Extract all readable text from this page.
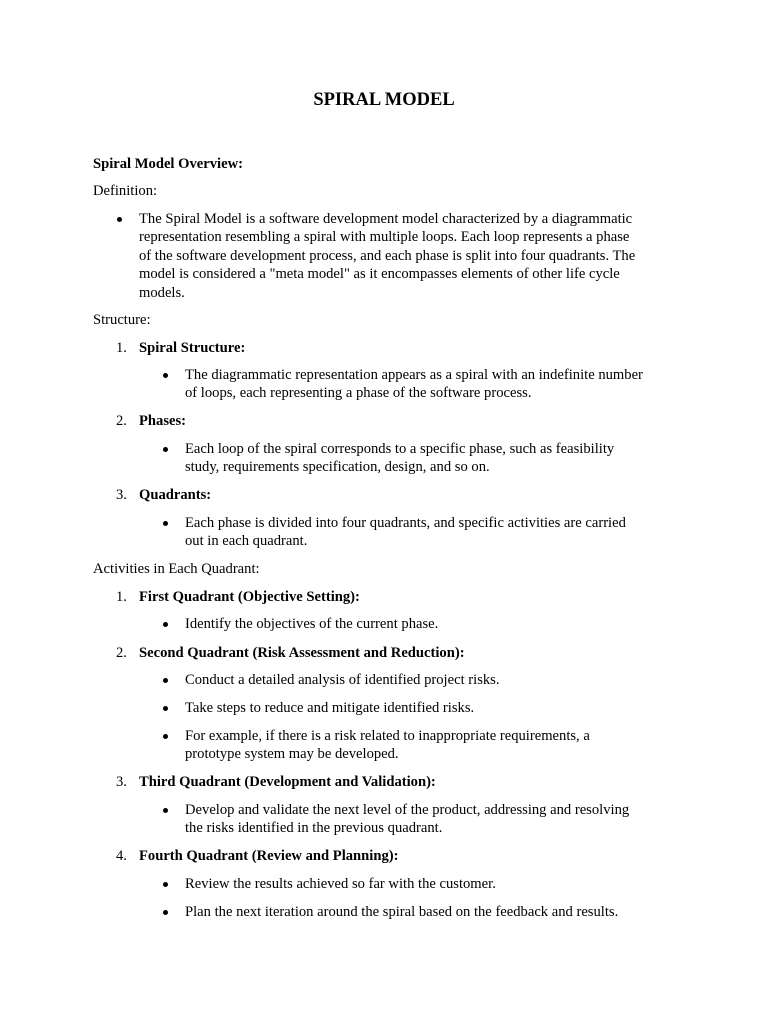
SPIRAL MODEL
Spiral Model Overview:
Definition:
The Spiral Model is a software development model characterized by a diagrammatic
representation resembling a spiral with multiple loops. Each loop represents a phase
of the software development process, and each phase is split into four quadrants. The
model is considered a "meta model" as it encompasses elements of other life cycle
models.
Structure:
1. Spiral Structure:
The diagrammatic representation appears as a spiral with an indefinite number
of loops, each representing a phase of the software process.
2. Phases:
Each loop of the spiral corresponds to a specific phase, such as feasibility
study, requirements specification, design, and so on.
3. Quadrants:
Each phase is divided into four quadrants, and specific activities are carried
out in each quadrant.
Activities in Each Quadrant:
1. First Quadrant (Objective Setting):
Identify the objectives of the current phase.
2. Second Quadrant (Risk Assessment and Reduction):
Conduct a detailed analysis of identified project risks.
Take steps to reduce and mitigate identified risks.
For example, if there is a risk related to inappropriate requirements, a
prototype system may be developed.
3. Third Quadrant (Development and Validation):
Develop and validate the next level of the product, addressing and resolving
the risks identified in the previous quadrant.
4. Fourth Quadrant (Review and Planning):
Review the results achieved so far with the customer.
Plan the next iteration around the spiral based on the feedback and results.
